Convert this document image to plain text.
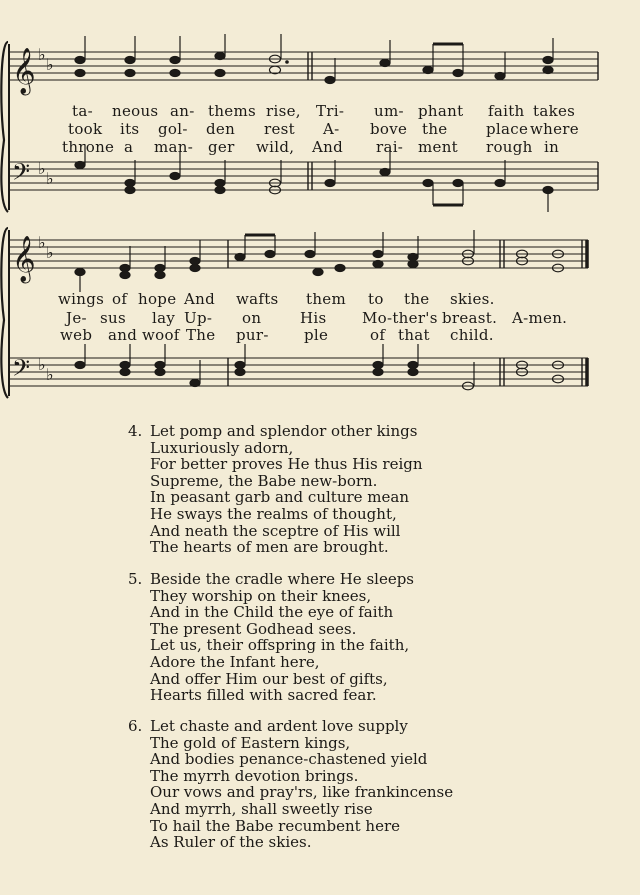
𝄞
𝄢
♭
♭
♭
♭
𝄞
𝄢
♭
♭
♭
♭
ta- neous an- thems rise, Tri- um- phant faith takes
took its gol- den rest A- bove the	place where
throne a man- ger wild, And rai- ment rough in
wings of hope And wafts them to the skies.
Je- sus lay Up- on	His Mo-ther's breast. A-men.
web and woof The pur- ple	of that child.
4. Let pomp and splendor other kings
Luxuriously adorn,
For better proves He thus His reign
Supreme, the Babe new-born.
In peasant garb and culture mean
He sways the realms of thought,
And neath the sceptre of His will
The hearts of men are brought.
5. Beside the cradle where He sleeps
They worship on their knees,
And in the Child the eye of faith
The present Godhead sees.
Let us, their offspring in the faith,
Adore the Infant here,
And offer Him our best of gifts,
Hearts filled with sacred fear.
6. Let chaste and ardent love supply
The gold of Eastern kings,
And bodies penance-chastened yield
The myrrh devotion brings.
Our vows and pray'rs, like frankincense
And myrrh, shall sweetly rise
To hail the Babe recumbent here
As Ruler of the skies.
